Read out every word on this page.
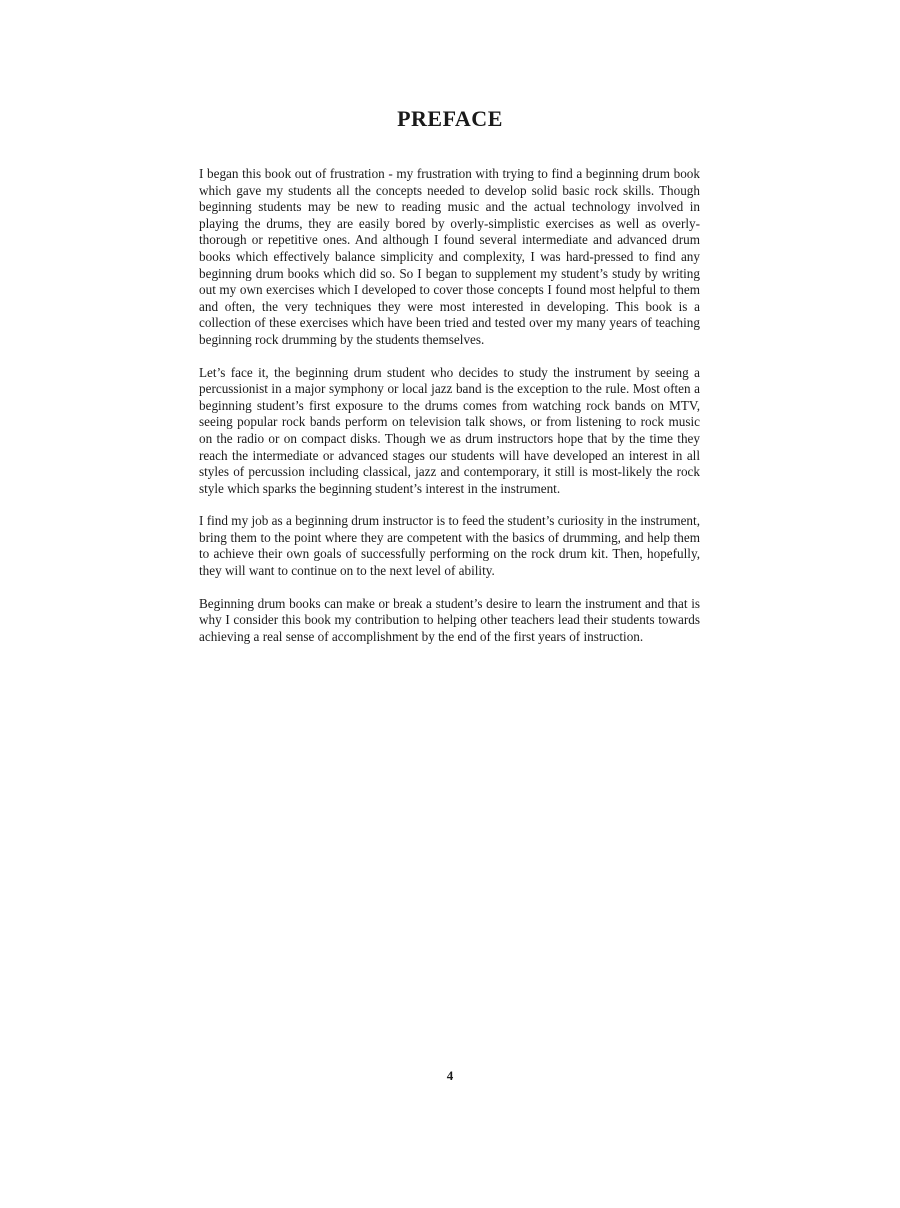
PREFACE

I began this book out of frustration - my frustration with trying to find a beginning drum book which gave my students all the concepts needed to develop solid basic rock skills. Though beginning students may be new to reading music and the actual technology involved in playing the drums, they are easily bored by overly-simplistic exercises as well as overly-thorough or repetitive ones. And although I found several intermediate and advanced drum books which effectively balance simplicity and complexity, I was hard-pressed to find any beginning drum books which did so. So I began to supplement my student’s study by writing out my own exercises which I developed to cover those concepts I found most helpful to them and often, the very techniques they were most interested in developing. This book is a collection of these exercises which have been tried and tested over my many years of teaching beginning rock drumming by the students themselves.

Let’s face it, the beginning drum student who decides to study the instrument by seeing a percussionist in a major symphony or local jazz band is the exception to the rule. Most often a beginning student’s first exposure to the drums comes from watching rock bands on MTV, seeing popular rock bands perform on television talk shows, or from listening to rock music on the radio or on compact disks. Though we as drum instructors hope that by the time they reach the intermediate or advanced stages our students will have developed an interest in all styles of percussion including classical, jazz and contemporary, it still is most-likely the rock style which sparks the beginning student’s interest in the instrument.

I find my job as a beginning drum instructor is to feed the student’s curiosity in the instrument, bring them to the point where they are competent with the basics of drumming, and help them to achieve their own goals of successfully performing on the rock drum kit. Then, hopefully, they will want to continue on to the next level of ability.

Beginning drum books can make or break a student’s desire to learn the instrument and that is why I consider this book my contribution to helping other teachers lead their students towards achieving a real sense of accomplishment by the end of the first years of instruction.

4
